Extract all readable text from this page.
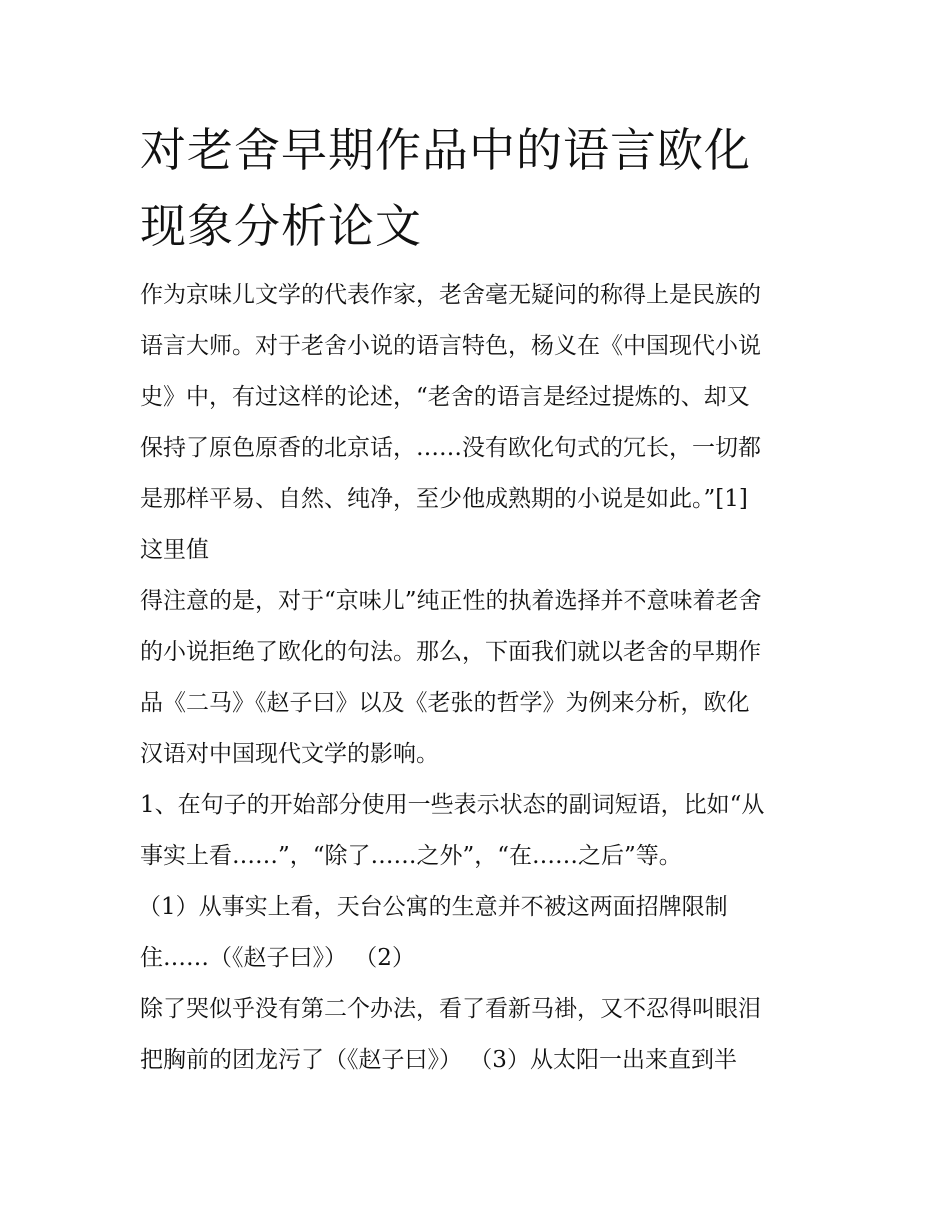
对老舍早期作品中的语言欧化
现象分析论文

作为京味儿文学的代表作家，老舍毫无疑问的称得上是民族的

语言大师。对于老舍小说的语言特色，杨义在《中国现代小说

史》中，有过这样的论述，“老舍的语言是经过提炼的、却又

保持了原色原香的北京话，……没有欧化句式的冗长，一切都

是那样平易、自然、纯净，至少他成熟期的小说是如此。”[1]

这里值

得注意的是，对于“京味儿”纯正性的执着选择并不意味着老舍

的小说拒绝了欧化的句法。那么，下面我们就以老舍的早期作

品《二马》《赵子曰》以及《老张的哲学》为例来分析，欧化

汉语对中国现代文学的影响。

1、在句子的开始部分使用一些表示状态的副词短语，比如“从

事实上看……”，“除了……之外”，“在……之后”等。

（1）从事实上看，天台公寓的生意并不被这两面招牌限制

住……（《赵子曰》） （2）

除了哭似乎没有第二个办法，看了看新马褂，又不忍得叫眼泪

把胸前的团龙污了（《赵子曰》） （3）从太阳一出来直到半
